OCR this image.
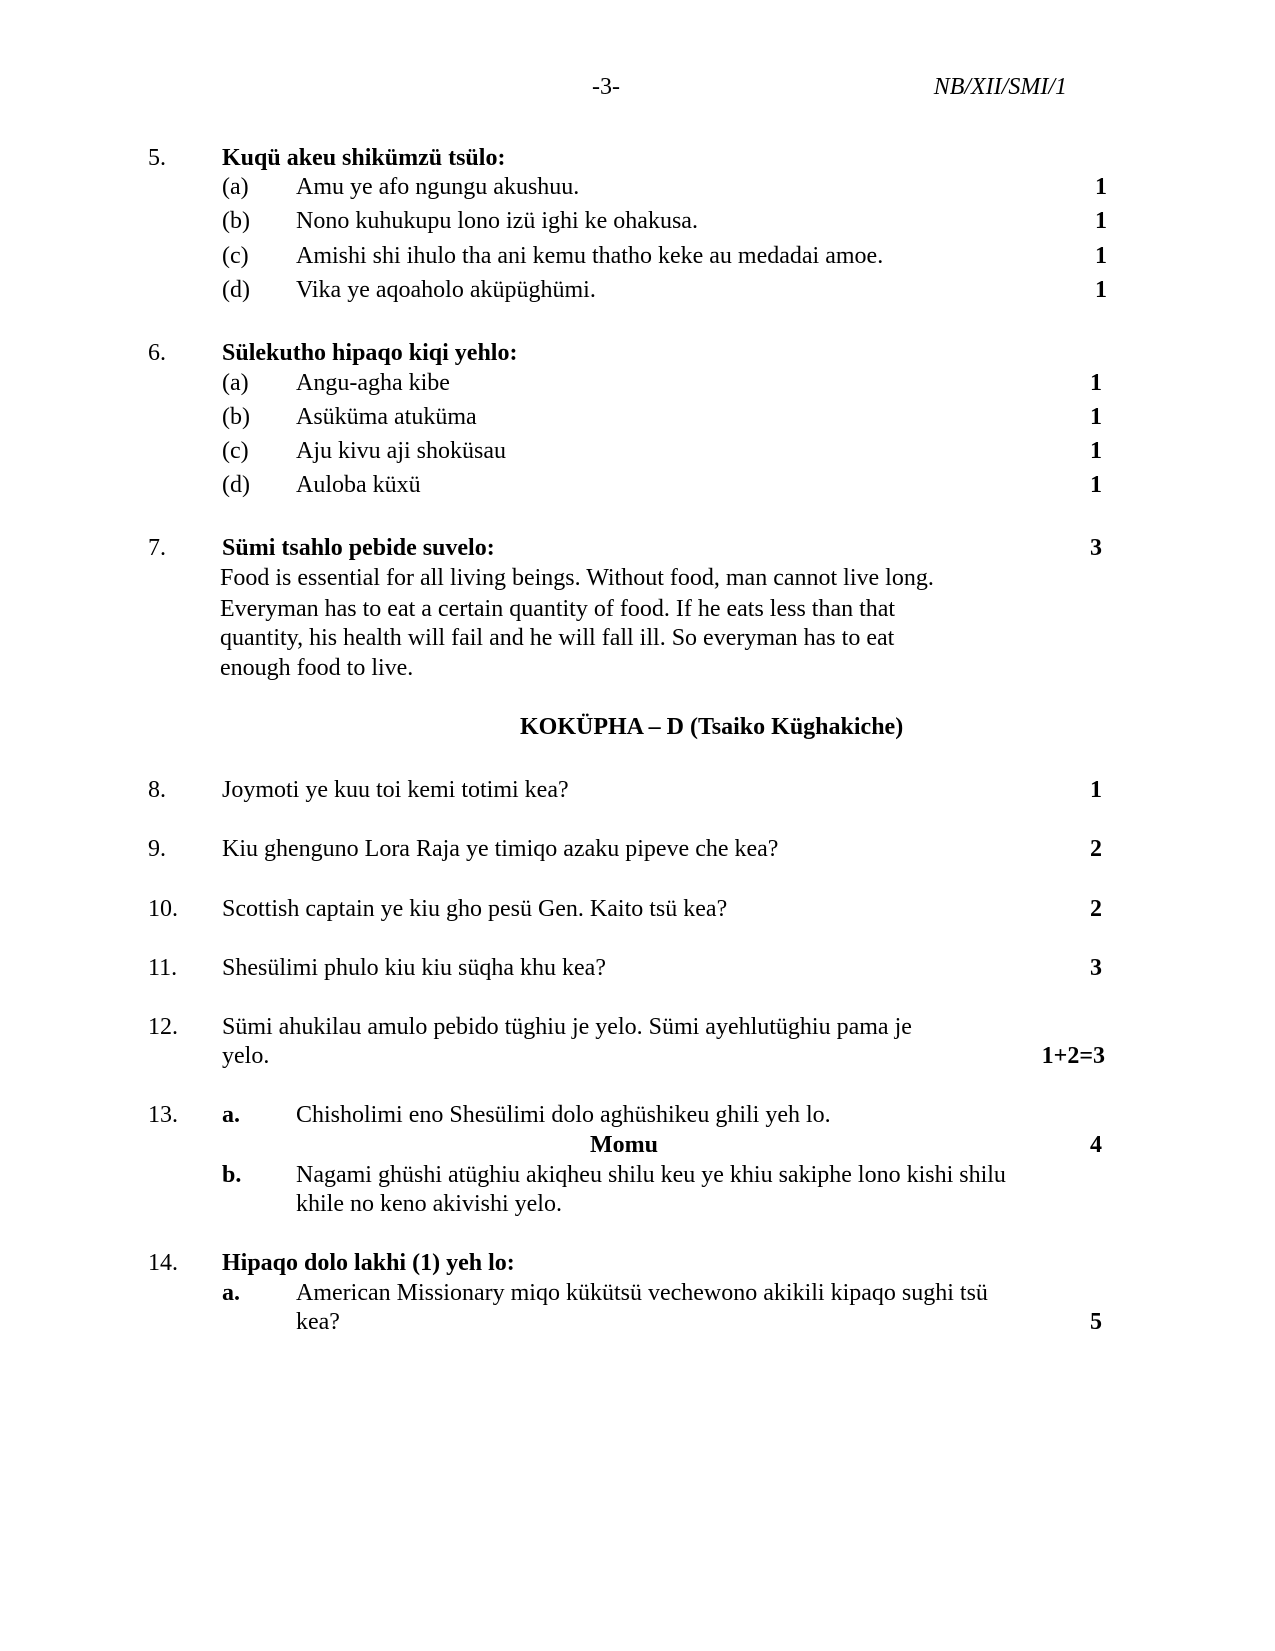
-3-	NB/XII/SMI/1
5. Kuqü akeu shikümzü tsülo:
(a) Amu ye afo ngungu akushuu.	1
(b) Nono kuhukupu lono izü ighi ke ohakusa.	1
(c) Amishi shi ihulo tha ani kemu thatho keke au medadai amoe.	1
(d) Vika ye aqoaholo aküpüghümi.	1
6. Sülekutho hipaqo kiqi yehlo:
(a) Angu-agha kibe	1
(b) Asüküma atuküma	1
(c) Aju kivu aji shoküsau	1
(d) Auloba küxü	1
7. Sümi tsahlo pebide suvelo:	3
Food is essential for all living beings. Without food, man cannot live long.
Everyman has to eat a certain quantity of food. If he eats less than that
quantity, his health will fail and he will fall ill. So everyman has to eat
enough food to live.
KOKÜPHA – D (Tsaiko Küghakiche)
8. Joymoti ye kuu toi kemi totimi kea?	1
9. Kiu ghenguno Lora Raja ye timiqo azaku pipeve che kea?	2
10. Scottish captain ye kiu gho pesü Gen. Kaito tsü kea?	2
11. Shesülimi phulo kiu kiu süqha khu kea?	3
12. Sümi ahukilau amulo pebido tüghiu je yelo. Sümi ayehlutüghiu pama je
yelo.	1+2=3
13. a. Chisholimi eno Shesülimi dolo aghüshikeu ghili yeh lo.
Momu	4
b. Nagami ghüshi atüghiu akiqheu shilu keu ye khiu sakiphe lono kishi shilu
khile no keno akivishi yelo.
14. Hipaqo dolo lakhi (1) yeh lo:
a. American Missionary miqo kükütsü vechewono akikili kipaqo sughi tsü
kea?	5
